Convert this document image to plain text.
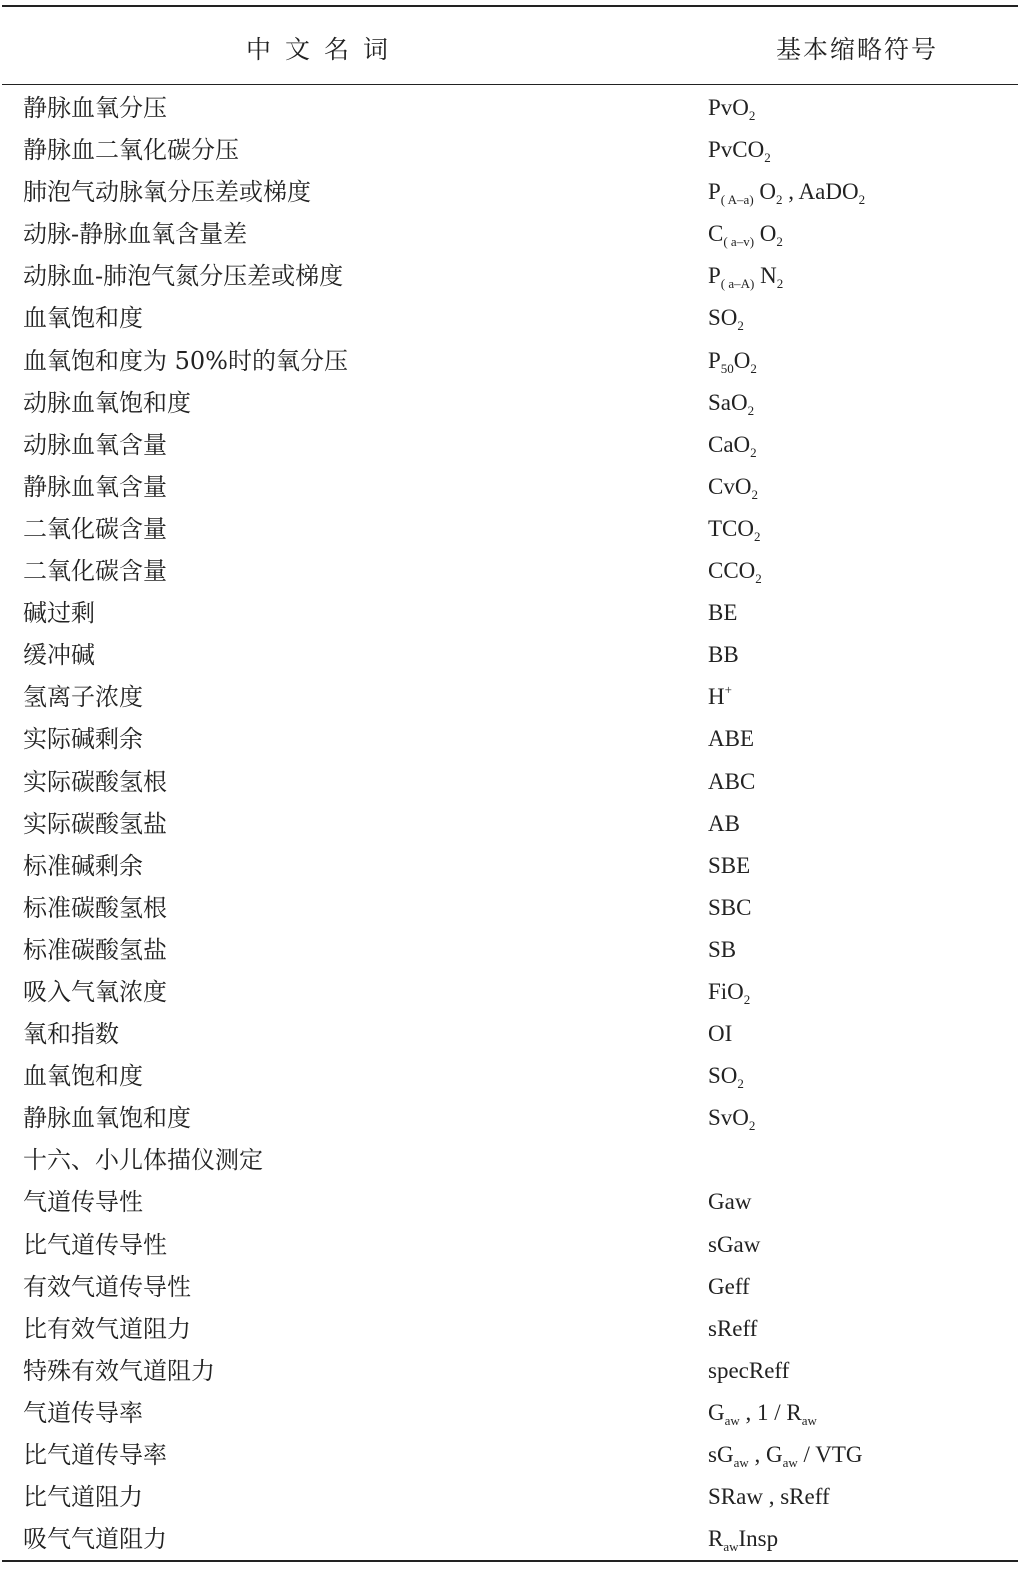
中文名词	基本缩略符号
静脉血氧分压	PvO$_2$
静脉血二氧化碳分压	PvCO$_2$
肺泡气动脉氧分压差或梯度	$P_{( A-a)}$ $O_2$ , AaDO$_2$
动脉-静脉血氧含量差	$C_{( a-v)}$ $O_2$
动脉血-肺泡气氮分压差或梯度	$P_{( a-A)}$ $N_2$
血氧饱和度	$SO_2$
血氧饱和度为 50%时的氧分压	$P_{50}O_2$
动脉血氧饱和度	SaO$_2$
动脉血氧含量	CaO$_2$
静脉血氧含量	CvO$_2$
二氧化碳含量	$TCO_2$
二氧化碳含量	$CCO_2$
碱过剩	BE
缓冲碱	BB
氢离子浓度	H+
实际碱剩余	ABE
实际碳酸氢根	ABC
实际碳酸氢盐	AB
标准碱剩余	SBE
标准碳酸氢根	SBC
标准碳酸氢盐	SB
吸入气氧浓度	FiO$_2$
氧和指数	OI
血氧饱和度	$SO_2$
静脉血氧饱和度	SvO$_2$
十六、小儿体描仪测定
气道传导性	Gaw
比气道传导性	sGaw
有效气道传导性	Geff
比有效气道阻力	sReff
特殊有效气道阻力	specReff
气道传导率	$G_{aw}$ , $1 / R_{aw}$
比气道传导率	$sG_{aw}$ , $G_{aw}$ / VTG
比气道阻力	SRaw , sReff
吸气气道阻力	$R_{aw}Insp$
